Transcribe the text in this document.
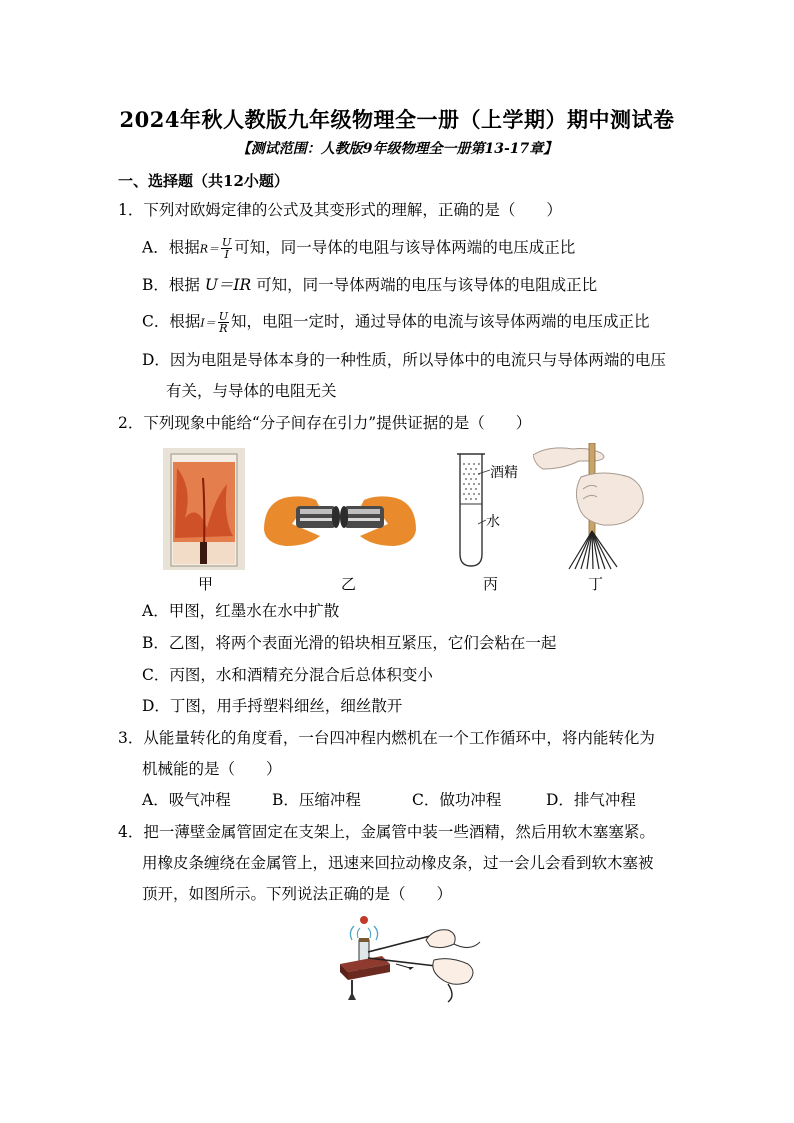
2024年秋人教版九年级物理全一册（上学期）期中测试卷
【测试范围：人教版9年级物理全一册第13-17章】
一、选择题（共12小题）
1．下列对欧姆定律的公式及其变形式的理解，正确的是（　　）
A．根据$R= \frac{U}{I}$ 可知，同一导体的电阻与该导体两端的电压成正比
B．根据 U＝IR 可知，同一导体两端的电压与该导体的电阻成正比
C．根据$I= \frac{U}{R}$ 知，电阻一定时，通过导体的电流与该导体两端的电压成正比
D．因为电阻是导体本身的一种性质，所以导体中的电流只与导体两端的电压
有关，与导体的电阻无关
2．下列现象中能给“分子间存在引力”提供证据的是（　　）
酒精
水
甲	乙	丙	丁
A．甲图，红墨水在水中扩散
B．乙图，将两个表面光滑的铅块相互紧压，它们会粘在一起
C．丙图，水和酒精充分混合后总体积变小
D．丁图，用手捋塑料细丝，细丝散开
3．从能量转化的角度看，一台四冲程内燃机在一个工作循环中，将内能转化为
机械能的是（　　）
A．吸气冲程	B．压缩冲程	C．做功冲程	D．排气冲程
4．把一薄壁金属管固定在支架上，金属管中装一些酒精，然后用软木塞塞紧。
用橡皮条缠绕在金属管上，迅速来回拉动橡皮条，过一会儿会看到软木塞被
顶开，如图所示。下列说法正确的是（　　）
